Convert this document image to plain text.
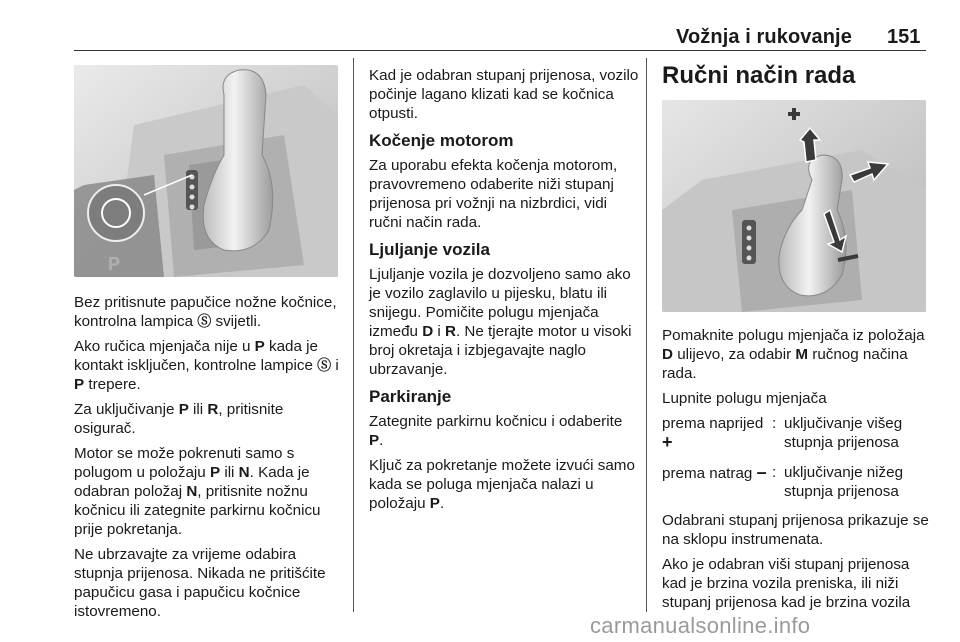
Vožnja i rukovanje 151
P

Bez pritisnute papučice nožne kočnice, kontrolna lampica Ⓢ svijetli.

Ako ručica mjenjača nije u P kada je kontakt isključen, kontrolne lampice Ⓢ i P trepere.

Za uključivanje P ili R, pritisnite osigurač.

Motor se može pokrenuti samo s polugom u položaju P ili N. Kada je odabran položaj N, pritisnite nožnu kočnicu ili zategnite parkirnu kočnicu prije pokretanja.

Ne ubrzavajte za vrijeme odabira stupnja prijenosa. Nikada ne pritišćite papučicu gasa i papučicu kočnice istovremeno.

Kad je odabran stupanj prijenosa, vozilo počinje lagano klizati kad se kočnica otpusti.

Kočenje motorom

Za uporabu efekta kočenja motorom, pravovremeno odaberite niži stupanj prijenosa pri vožnji na nizbrdici, vidi ručni način rada.

Ljuljanje vozila

Ljuljanje vozila je dozvoljeno samo ako je vozilo zaglavilo u pijesku, blatu ili snijegu. Pomičite polugu mjenjača između D i R. Ne tjerajte motor u visoki broj okretaja i izbjegavajte naglo ubrzavanje.

Parkiranje

Zategnite parkirnu kočnicu i odaberite P.

Ključ za pokretanje možete izvući samo kada se poluga mjenjača nalazi u položaju P.

Ručni način rada

Pomaknite polugu mjenjača iz položaja D ulijevo, za odabir M ručnog načina rada.

Lupnite polugu mjenjača

prema naprijed +
: uključivanje višeg stupnja prijenosa
prema natrag – : uključivanje nižeg stupnja prijenosa

Odabrani stupanj prijenosa prikazuje se na sklopu instrumenata.

Ako je odabran viši stupanj prijenosa kad je brzina vozila preniska, ili niži stupanj prijenosa kad je brzina vozila

carmanualsonline.info
